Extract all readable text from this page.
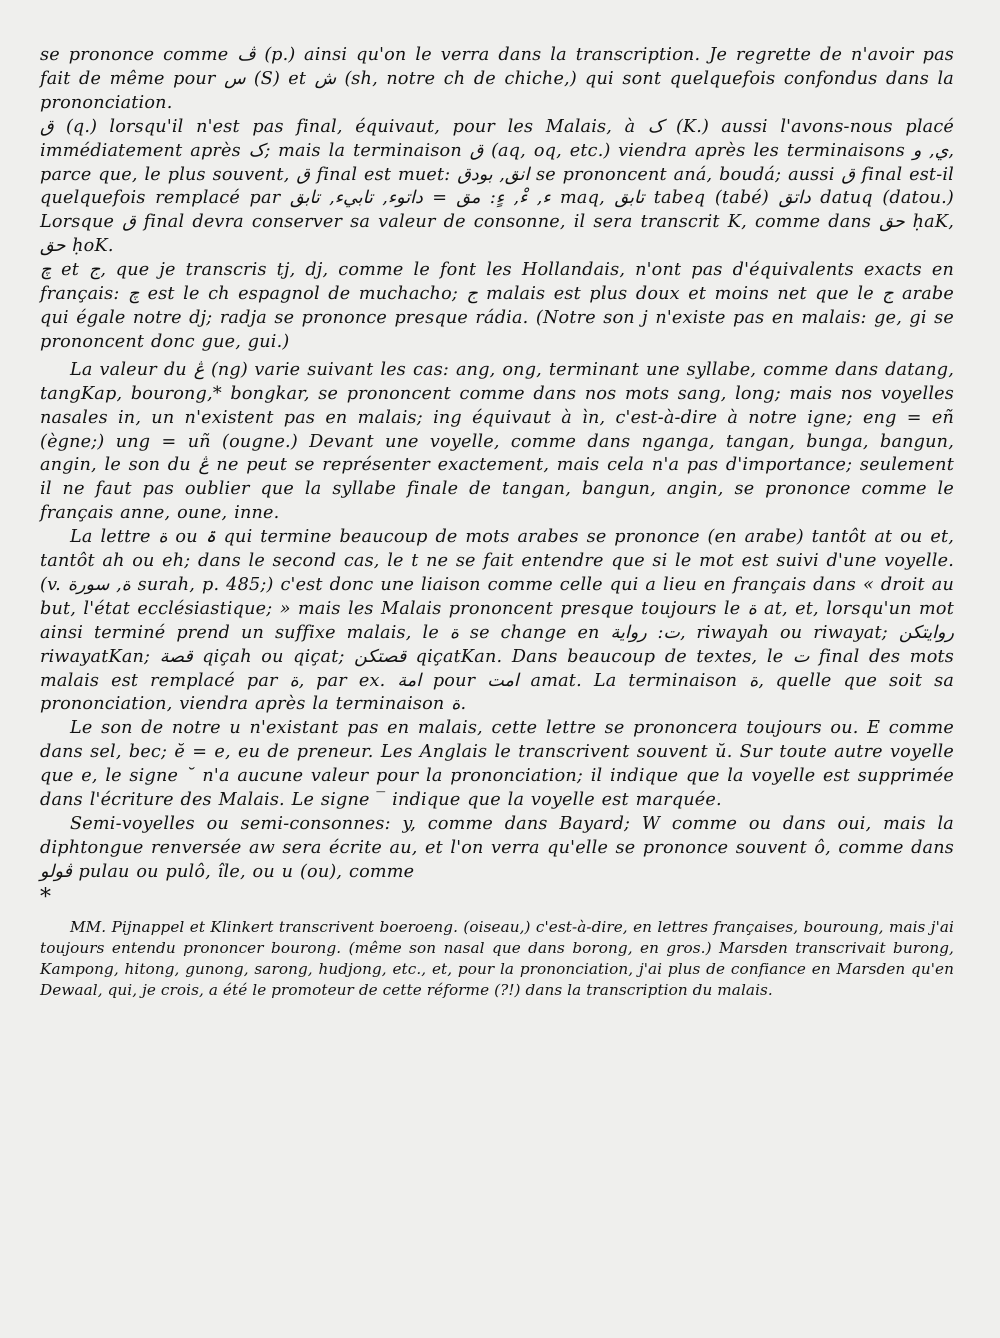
se prononce comme ڤ (p.) ainsi qu'on le verra dans la transcription. Je regrette de n'avoir pas fait de même pour س (S) et ش (sh, notre ch de chiche,) qui sont quelquefois confondus dans la prononciation.

ق (q.) lorsqu'il n'est pas final, équivaut, pour les Malais, à ک (K.) aussi l'avons-nous placé immédiatement après ک; mais la terminaison ق (aq, oq, etc.) viendra après les terminaisons ي, و, parce que, le plus souvent, ق final est muet: انق, بودق se prononcent aná, boudá; aussi ق final est-il quelquefois remplacé par ء, ءْ, ءٍ: مق = داتوء, تابيء, تابق maq, تابق tabeq (tabé) داتق datuq (datou.) Lorsque ق final devra conserver sa valeur de consonne, il sera transcrit K, comme dans حق ḥaK, حق ḥoK.

چ et ج, que je transcris tj, dj, comme le font les Hollandais, n'ont pas d'équivalents exacts en français: چ est le ch espagnol de muchacho; ج malais est plus doux et moins net que le ج arabe qui égale notre dj; radja se prononce presque rádia. (Notre son j n'existe pas en malais: ge, gi se prononcent donc gue, gui.)

La valeur du ڠ (ng) varie suivant les cas: ang, ong, terminant une syllabe, comme dans datang, tangKap, bourong,* bongkar, se prononcent comme dans nos mots sang, long; mais nos voyelles nasales in, un n'existent pas en malais; ing équivaut à ìn, c'est-à-dire à notre igne; eng = eñ (ègne;) ung = uñ (ougne.) Devant une voyelle, comme dans nganga, tangan, bunga, bangun, angin, le son du ڠ ne peut se représenter exactement, mais cela n'a pas d'importance; seulement il ne faut pas oublier que la syllabe finale de tangan, bangun, angin, se prononce comme le français anne, oune, inne.

La lettre ة ou ۃ qui termine beaucoup de mots arabes se prononce (en arabe) tantôt at ou et, tantôt ah ou eh; dans le second cas, le t ne se fait entendre que si le mot est suivi d'une voyelle. (v. ة, سورة surah, p. 485;) c'est donc une liaison comme celle qui a lieu en français dans « droit au but, l'état ecclésiastique; » mais les Malais prononcent presque toujours le ة at, et, lorsqu'un mot ainsi terminé prend un suffixe malais, le ة se change en ت: رواية, riwayah ou riwayat; روايتکن riwayatKan; قصة qiçah ou qiçat; قصتکن qiçatKan. Dans beaucoup de textes, le ت final des mots malais est remplacé par ة, par ex. امة pour امت amat. La terminaison ة, quelle que soit sa prononciation, viendra après la terminaison ة.

Le son de notre u n'existant pas en malais, cette lettre se prononcera toujours ou. E comme dans sel, bec; ĕ = e, eu de preneur. Les Anglais le transcrivent souvent ŭ. Sur toute autre voyelle que e, le signe ˘ n'a aucune valeur pour la prononciation; il indique que la voyelle est supprimée dans l'écriture des Malais. Le signe ‾ indique que la voyelle est marquée.

Semi-voyelles ou semi-consonnes: y, comme dans Bayard; W comme ou dans oui, mais la diphtongue renversée aw sera écrite au, et l'on verra qu'elle se prononce souvent ô, comme dans ڤولو pulau ou pulô, île, ou u (ou), comme

*

MM. Pijnappel et Klinkert transcrivent boeroeng. (oiseau,) c'est-à-dire, en lettres françaises, bouroung, mais j'ai toujours entendu prononcer bourong. (même son nasal que dans borong, en gros.) Marsden transcrivait burong, Kampong, hitong, gunong, sarong, hudjong, etc., et, pour la prononciation, j'ai plus de confiance en Marsden qu'en Dewaal, qui, je crois, a été le promoteur de cette réforme (?!) dans la transcription du malais.
